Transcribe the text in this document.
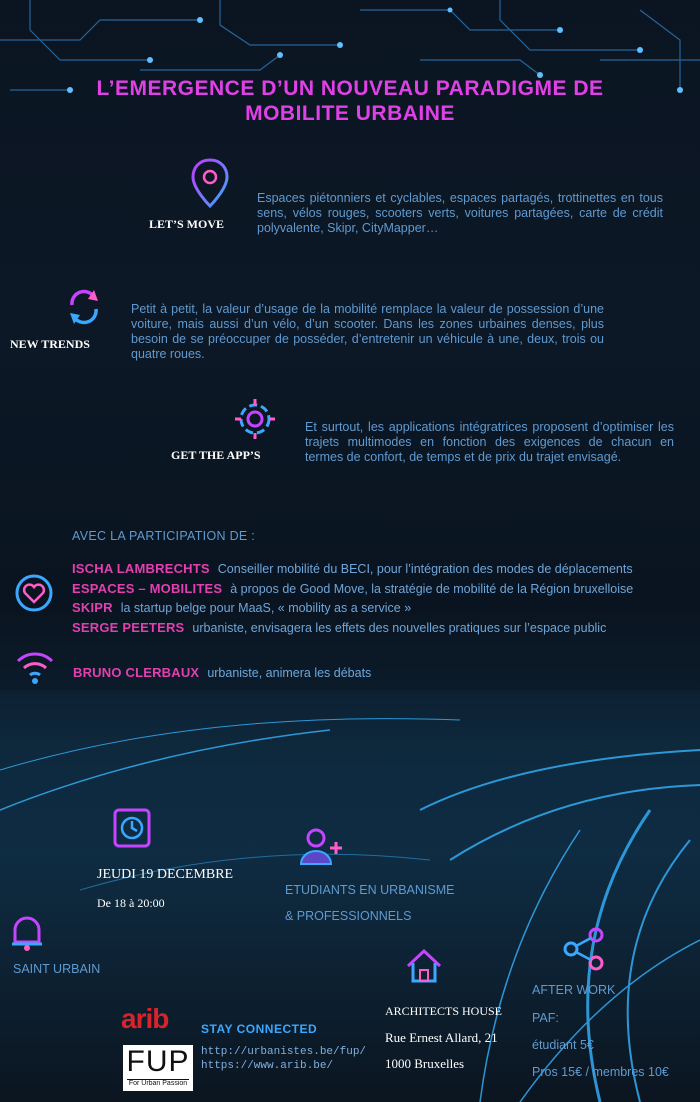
L’EMERGENCE D’UN NOUVEAU PARADIGME DE
MOBILITE URBAINE
LET’S MOVE
Espaces piétonniers et cyclables, espaces partagés, trottinettes en tous sens, vélos rouges, scooters verts, voitures partagées, carte de crédit polyvalente, Skipr, CityMapper…
NEW TRENDS
Petit à petit, la valeur d’usage de la mobilité remplace la valeur de possession d’une voiture, mais aussi d’un vélo, d’un scooter. Dans les zones urbaines denses, plus besoin de se préoccuper de posséder, d’entretenir un véhicule à une, deux, trois ou quatre roues.
GET THE APP’S
Et surtout, les applications intégratrices proposent d’optimiser les trajets multimodes en fonction des exigences de chacun en termes de confort, de temps et de prix du trajet envisagé.
AVEC LA PARTICIPATION DE :
ISCHA LAMBRECHTS Conseiller mobilité du BECI, pour l’intégration des modes de déplacements
ESPACES – MOBILITES à propos de Good Move, la stratégie de mobilité de la Région bruxelloise
SKIPR la startup belge pour MaaS, « mobility as a service »
SERGE PEETERS urbaniste, envisagera les effets des nouvelles pratiques sur l’espace public
BRUNO CLERBAUX urbaniste, animera les débats
JEUDI 19 DECEMBRE
De 18 à 20:00
ETUDIANTS EN URBANISME
& PROFESSIONNELS
SAINT URBAIN
ARCHITECTS HOUSE
Rue Ernest Allard, 21
1000 Bruxelles
AFTER WORK
PAF:
étudiant 5€
Pros 15€ / membres 10€
arib	STAY CONNECTED
FUP
For Urban Passion
http://urbanistes.be/fup/
https://www.arib.be/
